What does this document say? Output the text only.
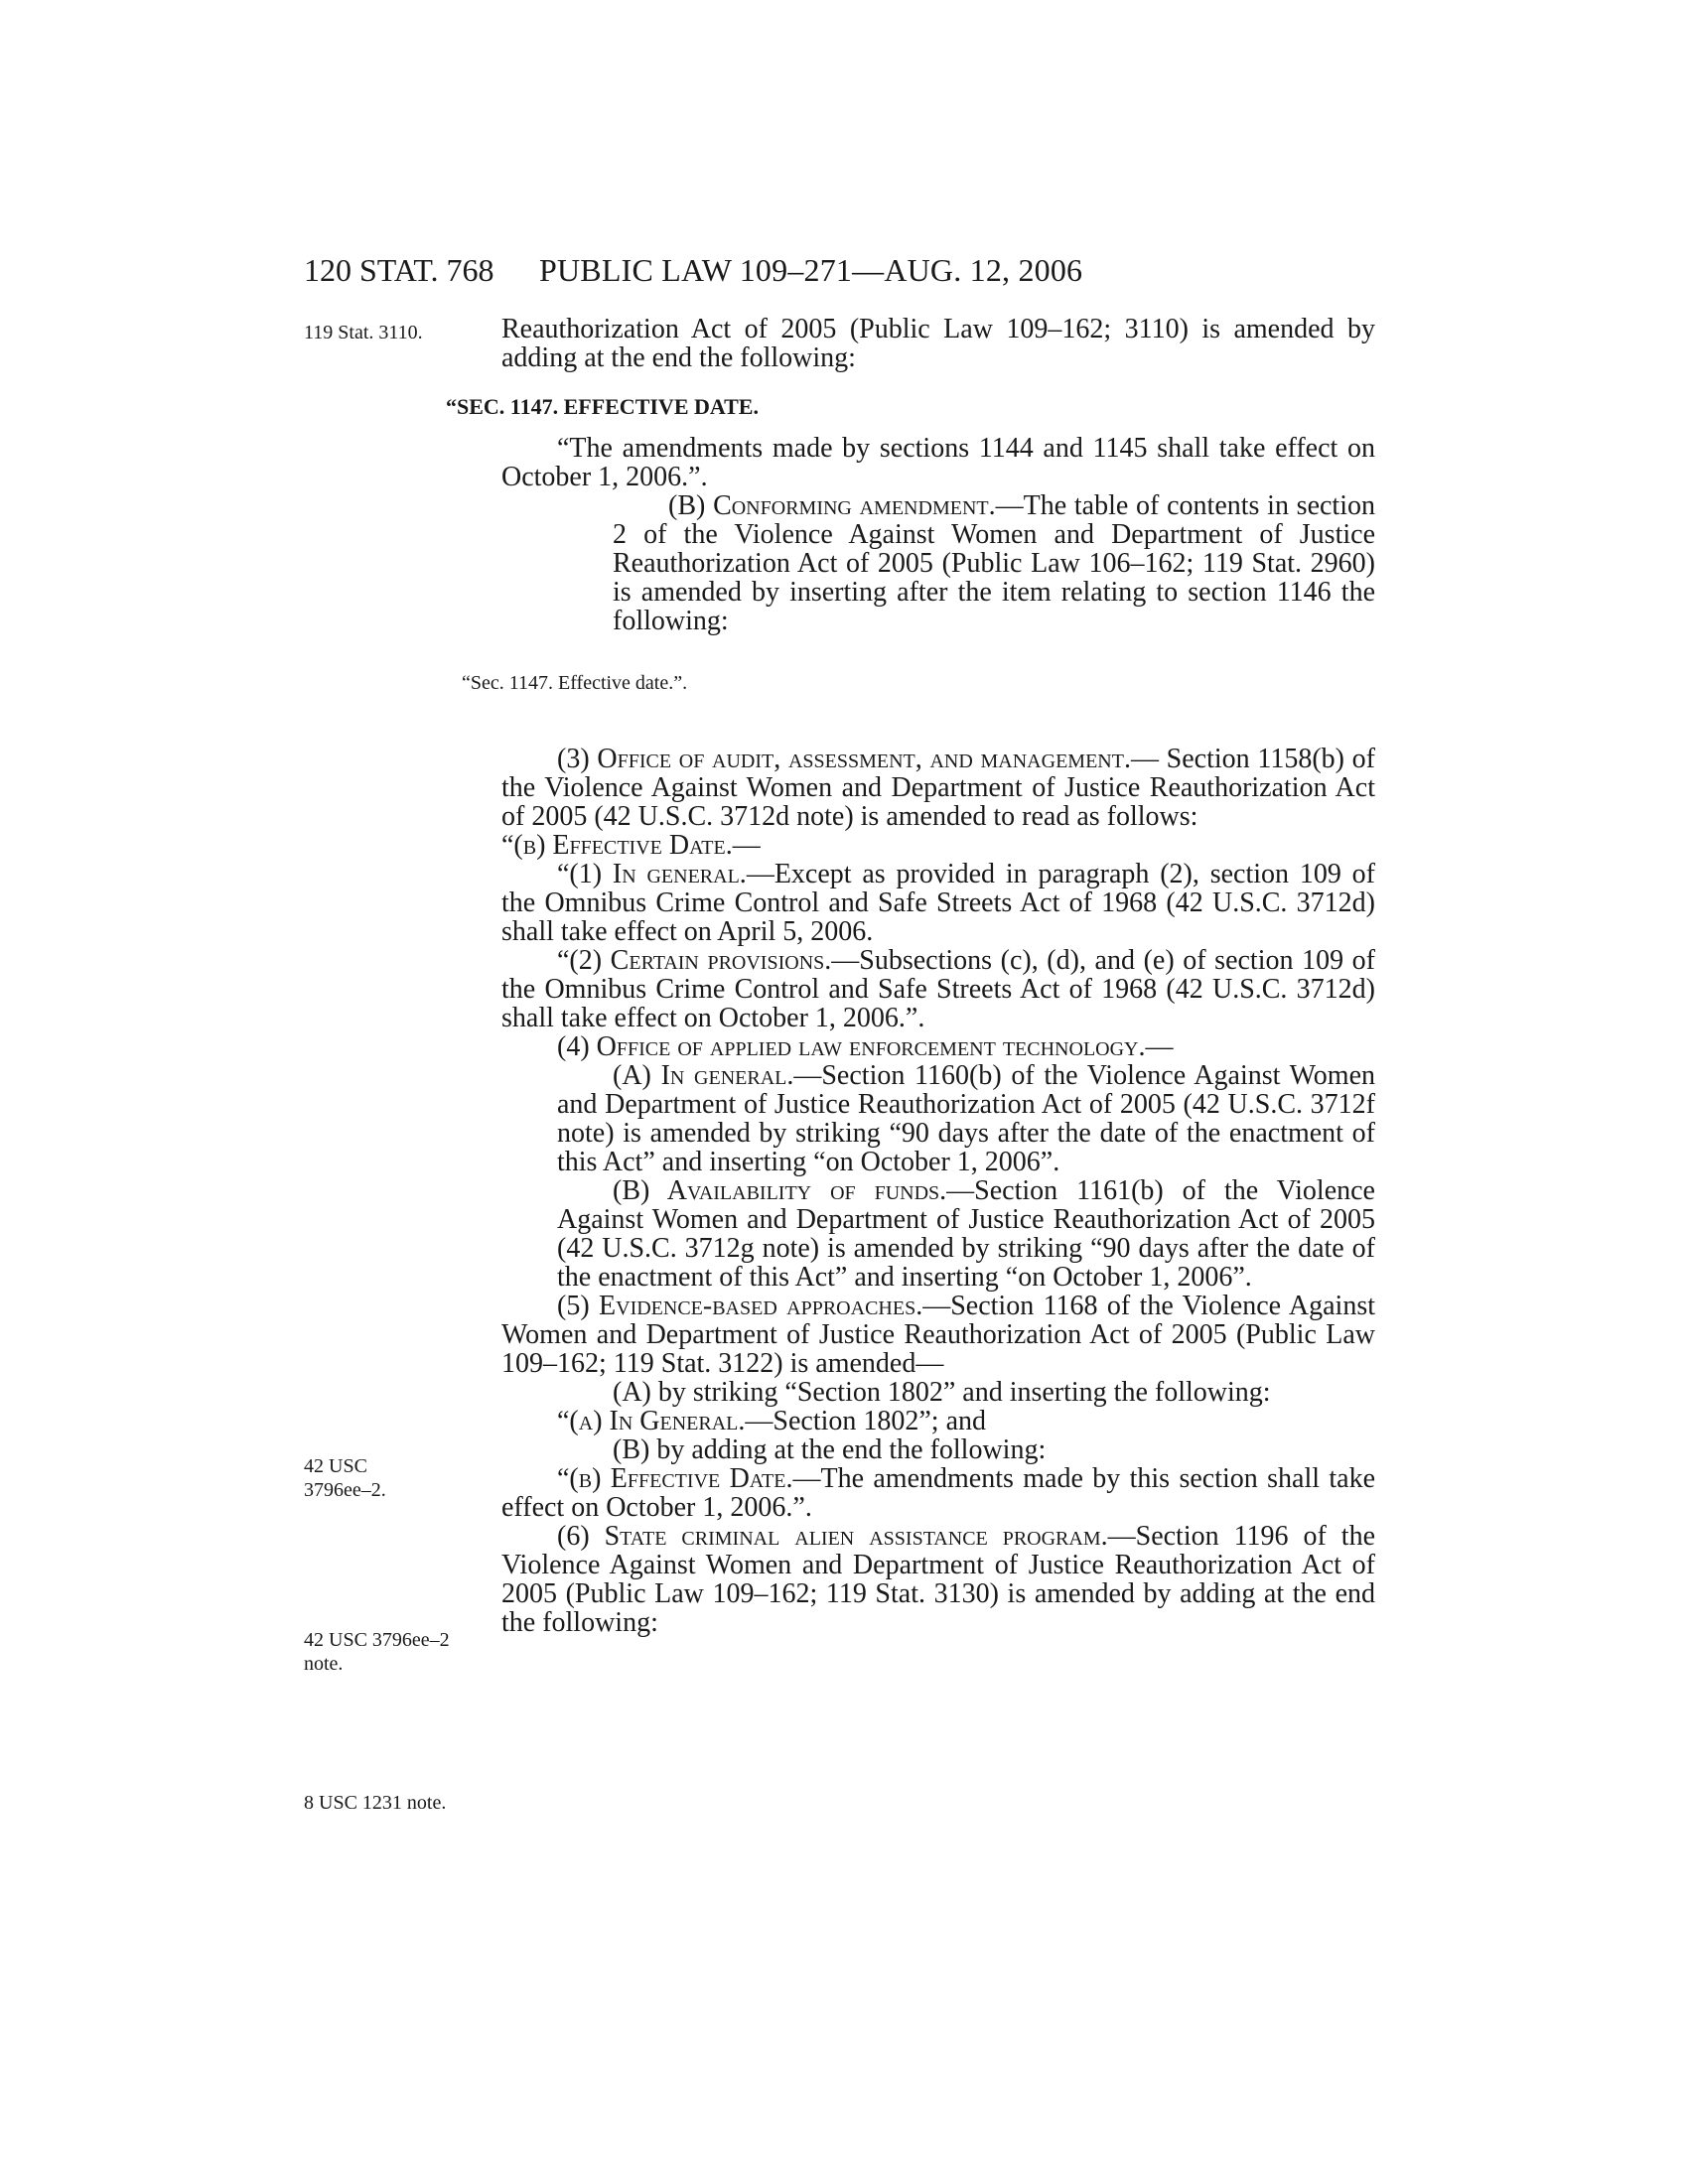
120 STAT. 768 PUBLIC LAW 109–271—AUG. 12, 2006
119 Stat. 3110.
42 USC
3796ee–2.
42 USC 3796ee–2
note.
8 USC 1231 note.

Reauthorization Act of 2005 (Public Law 109–162; 3110) is amended by adding at the end the following:

“SEC. 1147. EFFECTIVE DATE.

“The amendments made by sections 1144 and 1145 shall take effect on October 1, 2006.”.

(B) Conforming amendment.—The table of contents in section 2 of the Violence Against Women and Department of Justice Reauthorization Act of 2005 (Public Law 106–162; 119 Stat. 2960) is amended by inserting after the item relating to section 1146 the following:

“Sec. 1147. Effective date.”.

(3) Office of audit, assessment, and management.— Section 1158(b) of the Violence Against Women and Department of Justice Reauthorization Act of 2005 (42 U.S.C. 3712d note) is amended to read as follows:

“(b) Effective Date.—

“(1) In general.—Except as provided in paragraph (2), section 109 of the Omnibus Crime Control and Safe Streets Act of 1968 (42 U.S.C. 3712d) shall take effect on April 5, 2006.

“(2) Certain provisions.—Subsections (c), (d), and (e) of section 109 of the Omnibus Crime Control and Safe Streets Act of 1968 (42 U.S.C. 3712d) shall take effect on October 1, 2006.”.

(4) Office of applied law enforcement technology.—

(A) In general.—Section 1160(b) of the Violence Against Women and Department of Justice Reauthorization Act of 2005 (42 U.S.C. 3712f note) is amended by striking “90 days after the date of the enactment of this Act” and inserting “on October 1, 2006”.

(B) Availability of funds.—Section 1161(b) of the Violence Against Women and Department of Justice Reauthorization Act of 2005 (42 U.S.C. 3712g note) is amended by striking “90 days after the date of the enactment of this Act” and inserting “on October 1, 2006”.

(5) Evidence-based approaches.—Section 1168 of the Violence Against Women and Department of Justice Reauthorization Act of 2005 (Public Law 109–162; 119 Stat. 3122) is amended—

(A) by striking “Section 1802” and inserting the following:

“(a) In General.—Section 1802”; and

(B) by adding at the end the following:

“(b) Effective Date.—The amendments made by this section shall take effect on October 1, 2006.”.

(6) State criminal alien assistance program.—Section 1196 of the Violence Against Women and Department of Justice Reauthorization Act of 2005 (Public Law 109–162; 119 Stat. 3130) is amended by adding at the end the following:
